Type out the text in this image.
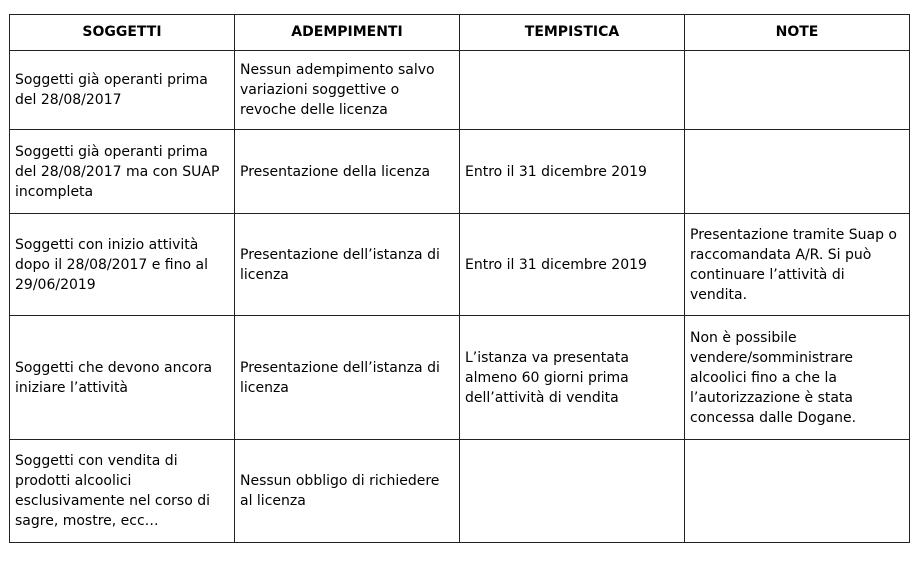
SOGGETTI	ADEMPIMENTI	TEMPISTICA	NOTE
Soggetti già operanti prima del 28/08/2017	Nessun adempimento salvo variazioni soggettive o revoche delle licenza		
Soggetti già operanti prima del 28/08/2017 ma con SUAP incompleta	Presentazione della licenza	Entro il 31 dicembre 2019	
Soggetti con inizio attività dopo il 28/08/2017 e fino al 29/06/2019	Presentazione dell’istanza di licenza	Entro il 31 dicembre 2019	Presentazione tramite Suap o raccomandata A/R. Si può continuare l’attività di vendita.
Soggetti che devono ancora iniziare l’attività	Presentazione dell’istanza di licenza	L’istanza va presentata almeno 60 giorni prima dell’attività di vendita	Non è possibile vendere/somministrare alcoolici fino a che la l’autorizzazione è stata concessa dalle Dogane.
Soggetti con vendita di prodotti alcoolici esclusivamente nel corso di sagre, mostre, ecc…	Nessun obbligo di richiedere al licenza		
